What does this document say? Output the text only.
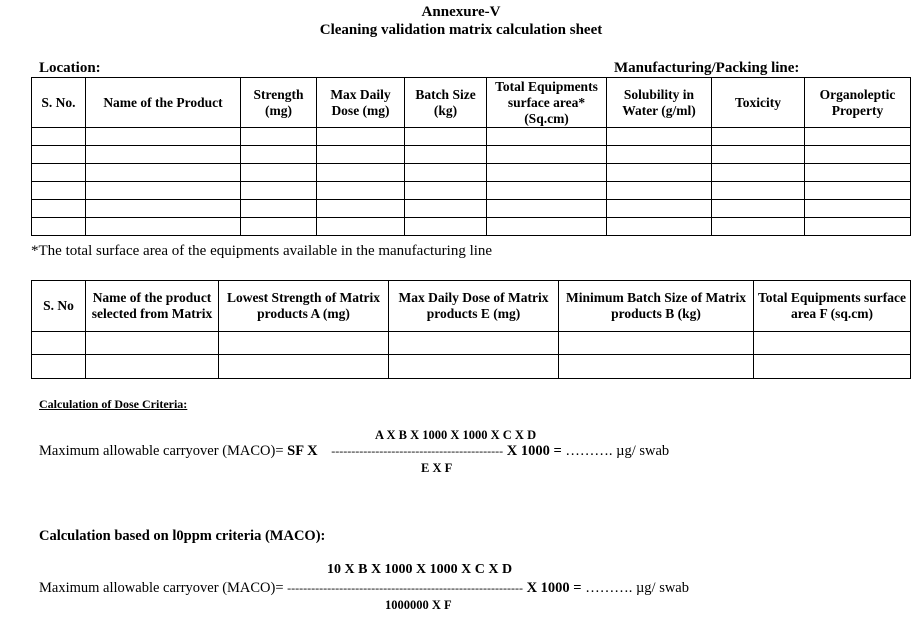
Annexure-V
Cleaning validation matrix calculation sheet
Location:	Manufacturing/Packing line:
S. No.	Name of the Product	Strength (mg)	Max Daily Dose (mg)	Batch Size (kg)	Total Equipments surface area* (Sq.cm)	Solubility in Water (g/ml)	Toxicity	Organoleptic Property

*The total surface area of the equipments available in the manufacturing line
S. No	Name of the product selected from Matrix	Lowest Strength of Matrix products A (mg)	Max Daily Dose of Matrix products E (mg)	Minimum Batch Size of Matrix products B (kg)	Total Equipments surface area F (sq.cm)

Calculation of Dose Criteria:
A X B X 1000 X 1000 X C X D
Maximum allowable carryover (MACO)= SF X ------------------------------------------- X 1000 = ………. µg/ swab
E X F
Calculation based on l0ppm criteria (MACO):
10 X B X 1000 X 1000 X C X D
Maximum allowable carryover (MACO)= ----------------------------------------------------------- X 1000 = ………. µg/ swab
1000000 X F
